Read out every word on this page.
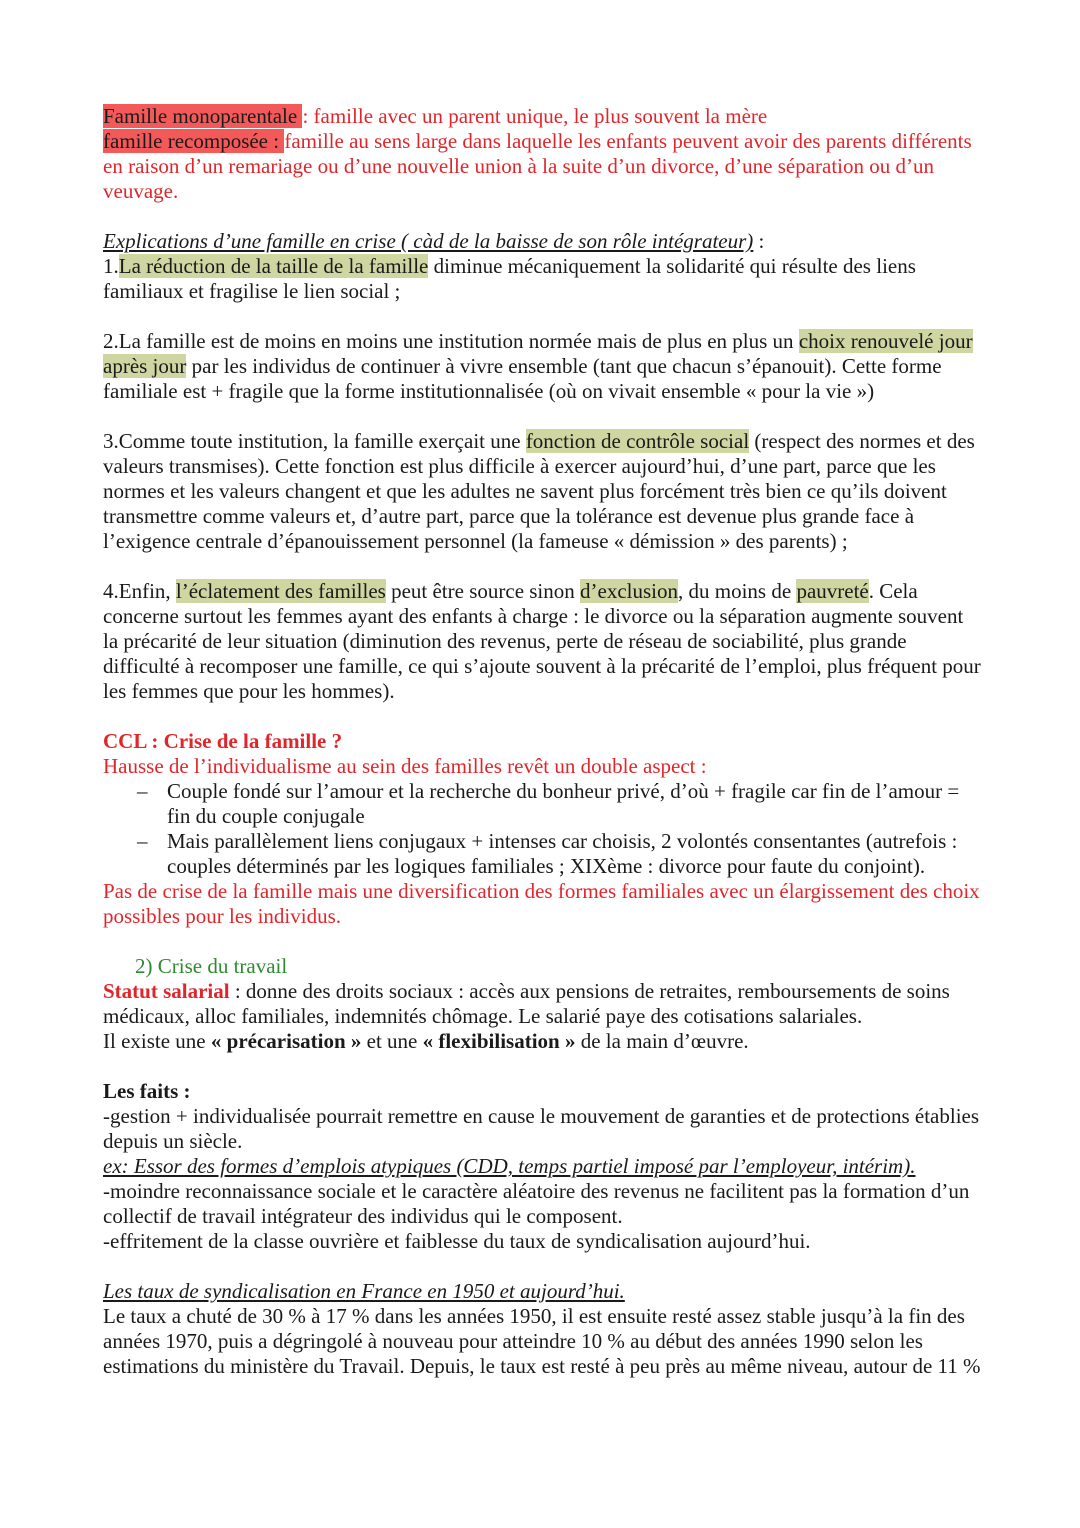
Famille monoparentale : famille avec un parent unique, le plus souvent la mère

famille recomposée : famille au sens large dans laquelle les enfants peuvent avoir des parents différents en raison d’un remariage ou d’une nouvelle union à la suite d’un divorce, d’une séparation ou d’un veuvage.

Explications d’une famille en crise ( càd de la baisse de son rôle intégrateur) :

1.La réduction de la taille de la famille diminue mécaniquement la solidarité qui résulte des liens familiaux et fragilise le lien social ;

2.La famille est de moins en moins une institution normée mais de plus en plus un choix renouvelé jour après jour par les individus de continuer à vivre ensemble (tant que chacun s’épanouit). Cette forme familiale est + fragile que la forme institutionnalisée (où on vivait ensemble « pour la vie »)

3.Comme toute institution, la famille exerçait une fonction de contrôle social (respect des normes et des valeurs transmises). Cette fonction est plus difficile à exercer aujourd’hui, d’une part, parce que les normes et les valeurs changent et que les adultes ne savent plus forcément très bien ce qu’ils doivent transmettre comme valeurs et, d’autre part, parce que la tolérance est devenue plus grande face à l’exigence centrale d’épanouissement personnel (la fameuse « démission » des parents) ;

4.Enfin, l’éclatement des familles peut être source sinon d’exclusion, du moins de pauvreté. Cela concerne surtout les femmes ayant des enfants à charge : le divorce ou la séparation augmente souvent la précarité de leur situation (diminution des revenus, perte de réseau de sociabilité, plus grande difficulté à recomposer une famille, ce qui s’ajoute souvent à la précarité de l’emploi, plus fréquent pour les femmes que pour les hommes).

CCL : Crise de la famille ?

Hausse de l’individualisme au sein des familles revêt un double aspect :

– Couple fondé sur l’amour et la recherche du bonheur privé, d’où + fragile car fin de l’amour = fin du couple conjugale
– Mais parallèlement liens conjugaux + intenses car choisis, 2 volontés consentantes (autrefois : couples déterminés par les logiques familiales ; XIXème : divorce pour faute du conjoint).

Pas de crise de la famille mais une diversification des formes familiales avec un élargissement des choix possibles pour les individus.

2) Crise du travail

Statut salarial : donne des droits sociaux : accès aux pensions de retraites, remboursements de soins médicaux, alloc familiales, indemnités chômage. Le salarié paye des cotisations salariales.

Il existe une « précarisation » et une « flexibilisation » de la main d’œuvre.

Les faits :

-gestion + individualisée pourrait remettre en cause le mouvement de garanties et de protections établies depuis un siècle.

ex: Essor des formes d’emplois atypiques (CDD, temps partiel imposé par l’employeur, intérim).

-moindre reconnaissance sociale et le caractère aléatoire des revenus ne facilitent pas la formation d’un collectif de travail intégrateur des individus qui le composent.

-effritement de la classe ouvrière et faiblesse du taux de syndicalisation aujourd’hui.

Les taux de syndicalisation en France en 1950 et aujourd’hui.

Le taux a chuté de 30 % à 17 % dans les années 1950, il est ensuite resté assez stable jusqu’à la fin des années 1970, puis a dégringolé à nouveau pour atteindre 10 % au début des années 1990 selon les estimations du ministère du Travail. Depuis, le taux est resté à peu près au même niveau, autour de 11 %
